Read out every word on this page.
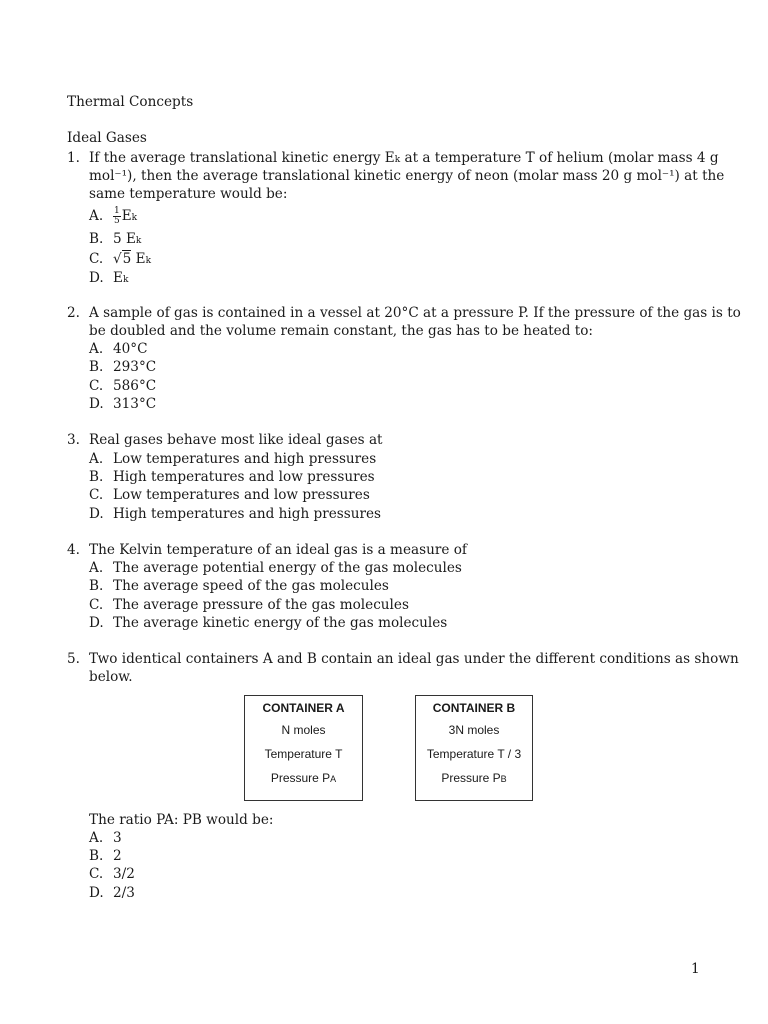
Thermal Concepts
Ideal Gases
1. If the average translational kinetic energy Ek at a temperature T of helium (molar mass 4 g
mol⁻¹), then the average translational kinetic energy of neon (molar mass 20 g mol⁻¹) at the
same temperature would be:
A. $\frac{1}{5}$ Ek
B. 5 Ek
C. √5 Ek
D. Ek
2. A sample of gas is contained in a vessel at 20°C at a pressure P. If the pressure of the gas is to
be doubled and the volume remain constant, the gas has to be heated to:
A. 40°C
B. 293°C
C. 586°C
D. 313°C
3. Real gases behave most like ideal gases at
A. Low temperatures and high pressures
B. High temperatures and low pressures
C. Low temperatures and low pressures
D. High temperatures and high pressures
4. The Kelvin temperature of an ideal gas is a measure of
A. The average potential energy of the gas molecules
B. The average speed of the gas molecules
C. The average pressure of the gas molecules
D. The average kinetic energy of the gas molecules
5. Two identical containers A and B contain an ideal gas under the different conditions as shown
below.
CONTAINER A
N moles
Temperature T
Pressure PA
CONTAINER B
3N moles
Temperature T / 3
Pressure PB
The ratio PA: PB would be:
A. 3
B. 2
C. 3/2
D. 2/3
1
